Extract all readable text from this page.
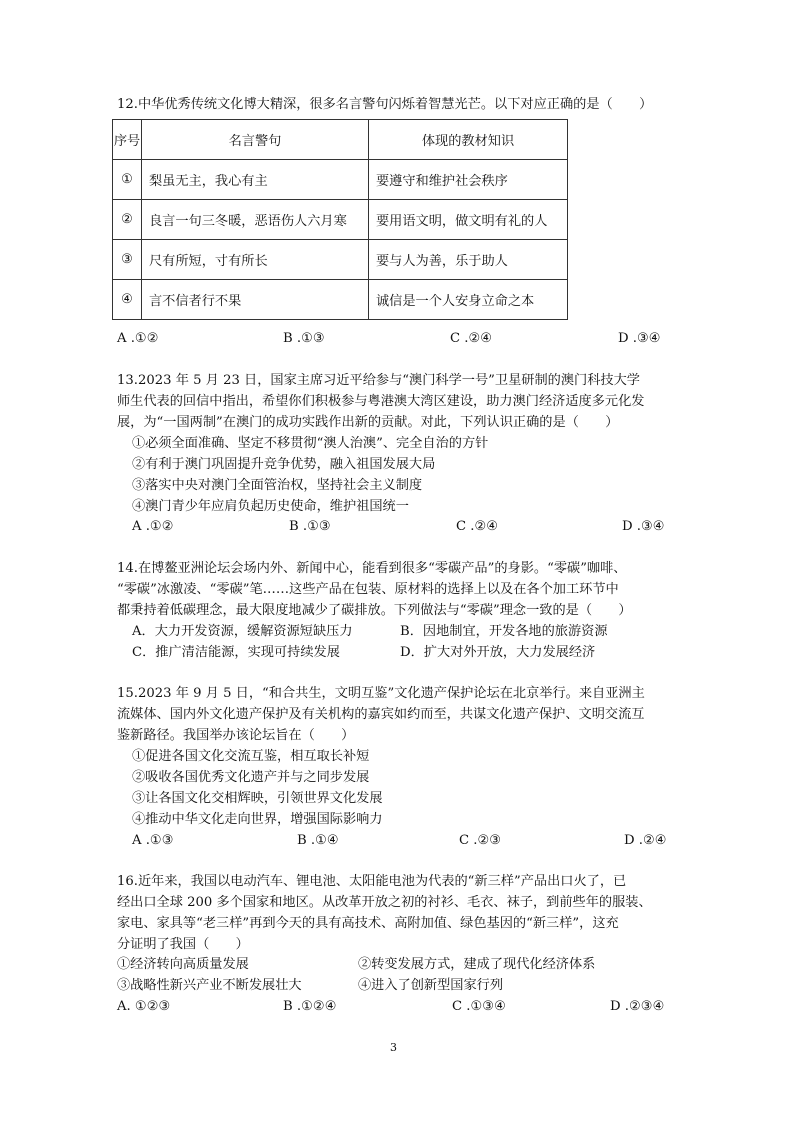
12.中华优秀传统文化博大精深，很多名言警句闪烁着智慧光芒。以下对应正确的是（　　）
序号	名言警句	体现的教材知识
①	梨虽无主，我心有主	要遵守和维护社会秩序
②	良言一句三冬暖，恶语伤人六月寒	要用语文明，做文明有礼的人
③	尺有所短，寸有所长	要与人为善，乐于助人
④	言不信者行不果	诚信是一个人安身立命之本
A .①②	B .①③	C .②④	D .③④
13.2023 年 5 月 23 日，国家主席习近平给参与“澳门科学一号”卫星研制的澳门科技大学
师生代表的回信中指出，希望你们积极参与粤港澳大湾区建设，助力澳门经济适度多元化发
展，为“一国两制”在澳门的成功实践作出新的贡献。对此，下列认识正确的是（　　）
①必须全面准确、坚定不移贯彻“澳人治澳”、完全自治的方针
②有利于澳门巩固提升竞争优势，融入祖国发展大局
③落实中央对澳门全面管治权，坚持社会主义制度
④澳门青少年应肩负起历史使命，维护祖国统一
A .①②	B .①③	C .②④	D .③④
14.在博鳌亚洲论坛会场内外、新闻中心，能看到很多“零碳产品”的身影。“零碳”咖啡、
“零碳”冰激凌、“零碳”笔……这些产品在包装、原材料的选择上以及在各个加工环节中
都秉持着低碳理念，最大限度地减少了碳排放。下列做法与“零碳”理念一致的是（　　）
A．大力开发资源，缓解资源短缺压力	B．因地制宜，开发各地的旅游资源
C．推广清洁能源，实现可持续发展	D．扩大对外开放，大力发展经济
15.2023 年 9 月 5 日，“和合共生，文明互鉴”文化遗产保护论坛在北京举行。来自亚洲主
流媒体、国内外文化遗产保护及有关机构的嘉宾如约而至，共谋文化遗产保护、文明交流互
鉴新路径。我国举办该论坛旨在（　　）
①促进各国文化交流互鉴，相互取长补短
②吸收各国优秀文化遗产并与之同步发展
③让各国文化交相辉映，引领世界文化发展
④推动中华文化走向世界，增强国际影响力
A .①③	B .①④	C .②③	D .②④
16.近年来，我国以电动汽车、锂电池、太阳能电池为代表的“新三样”产品出口火了，已
经出口全球 200 多个国家和地区。从改革开放之初的衬衫、毛衣、袜子，到前些年的服装、
家电、家具等“老三样”再到今天的具有高技术、高附加值、绿色基因的“新三样”，这充
分证明了我国（　　）
①经济转向高质量发展	②转变发展方式，建成了现代化经济体系
③战略性新兴产业不断发展壮大	④进入了创新型国家行列
A. ①②③	B .①②④	C .①③④	D .②③④
3
